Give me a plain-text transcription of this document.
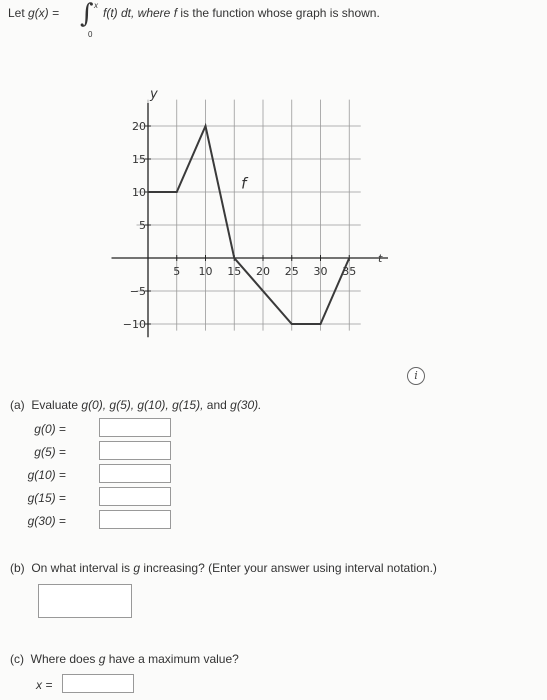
Let g(x) = ∫ x
0
f(t) dt, where f is the function whose graph is shown.
20
15
10
5
−5
−10
5 10 15 20 25 30 35
y
t
f
i
(a) Evaluate g(0), g(5), g(10), g(15), and g(30).
g(0) =
g(5) =
g(10) =
g(15) =
g(30) =
(b) On what interval is g increasing? (Enter your answer using interval notation.)
(c) Where does g have a maximum value?
x =
